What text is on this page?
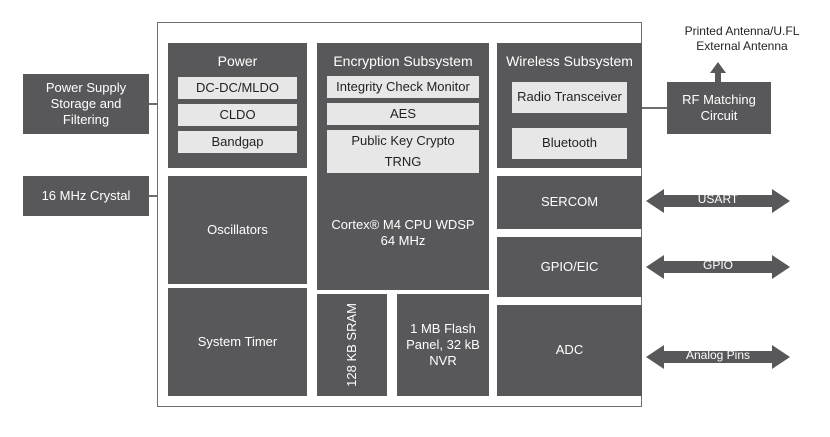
Power Supply Storage and Filtering
16 MHz Crystal
Printed Antenna/U.FL External Antenna
RF Matching Circuit
Power
DC-DC/MLDO
CLDO
Bandgap
Encryption Subsystem
Integrity Check Monitor
AES
Public Key Crypto
TRNG
Wireless Subsystem
Radio Transceiver
Bluetooth
Oscillators
System Timer
Cortex® M4 CPU WDSP 64 MHz
128 KB SRAM	1 MB Flash Panel, 32 kB NVR
SERCOM
GPIO/EIC
ADC
USART
GPIO
Analog Pins
